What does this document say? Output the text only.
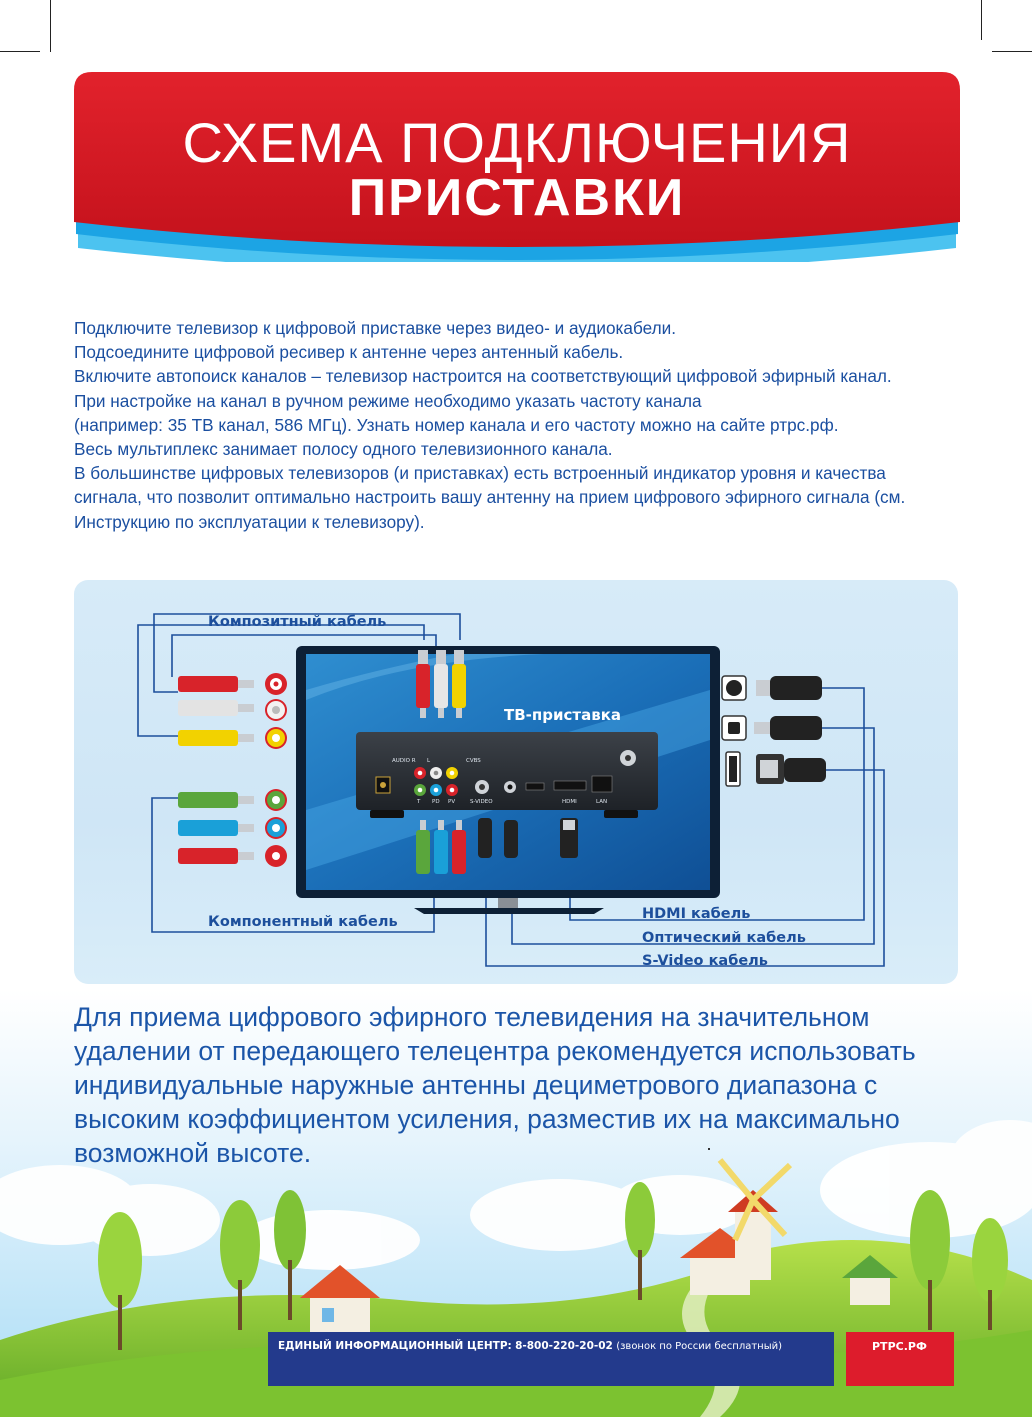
СХЕМА ПОДКЛЮЧЕНИЯ
ПРИСТАВКИ

Подключите телевизор к цифровой приставке через видео- и аудиокабели.

Подсоедините цифровой ресивер к антенне через антенный кабель.

Включите автопоиск каналов – телевизор настроится на соответствующий цифровой эфирный канал.

При настройке на канал в ручном режиме необходимо указать частоту канала

(например: 35 ТВ канал, 586 МГц). Узнать номер канала и его частоту можно на сайте ртрс.рф.

Весь мультиплекс занимает полосу одного телевизионного канала.

В большинстве цифровых телевизоров (и приставках) есть встроенный индикатор уровня и качества сигнала, что позволит оптимально настроить вашу антенну на прием цифрового эфирного сигнала (см. Инструкцию по эксплуатации к телевизору).

Композитный кабель
Компонентный кабель	HDMI кабель
Оптический кабель
S-Video кабель
ТВ-приставка
AUDIO R L	CVBS
T PD PV	S-VIDEO	HDMI	LAN
Для приема цифрового эфирного телевидения на значительном удалении от передающего телецентра рекомендуется использовать индивидуальные наружные антенны дециметрового диапазона с высоким коэффициентом усиления, разместив их на максимально возможной высоте.
ЕДИНЫЙ ИНФОРМАЦИОННЫЙ ЦЕНТР: 8-800-220-20-02 (звонок по России бесплатный)	РТРС.РФ
